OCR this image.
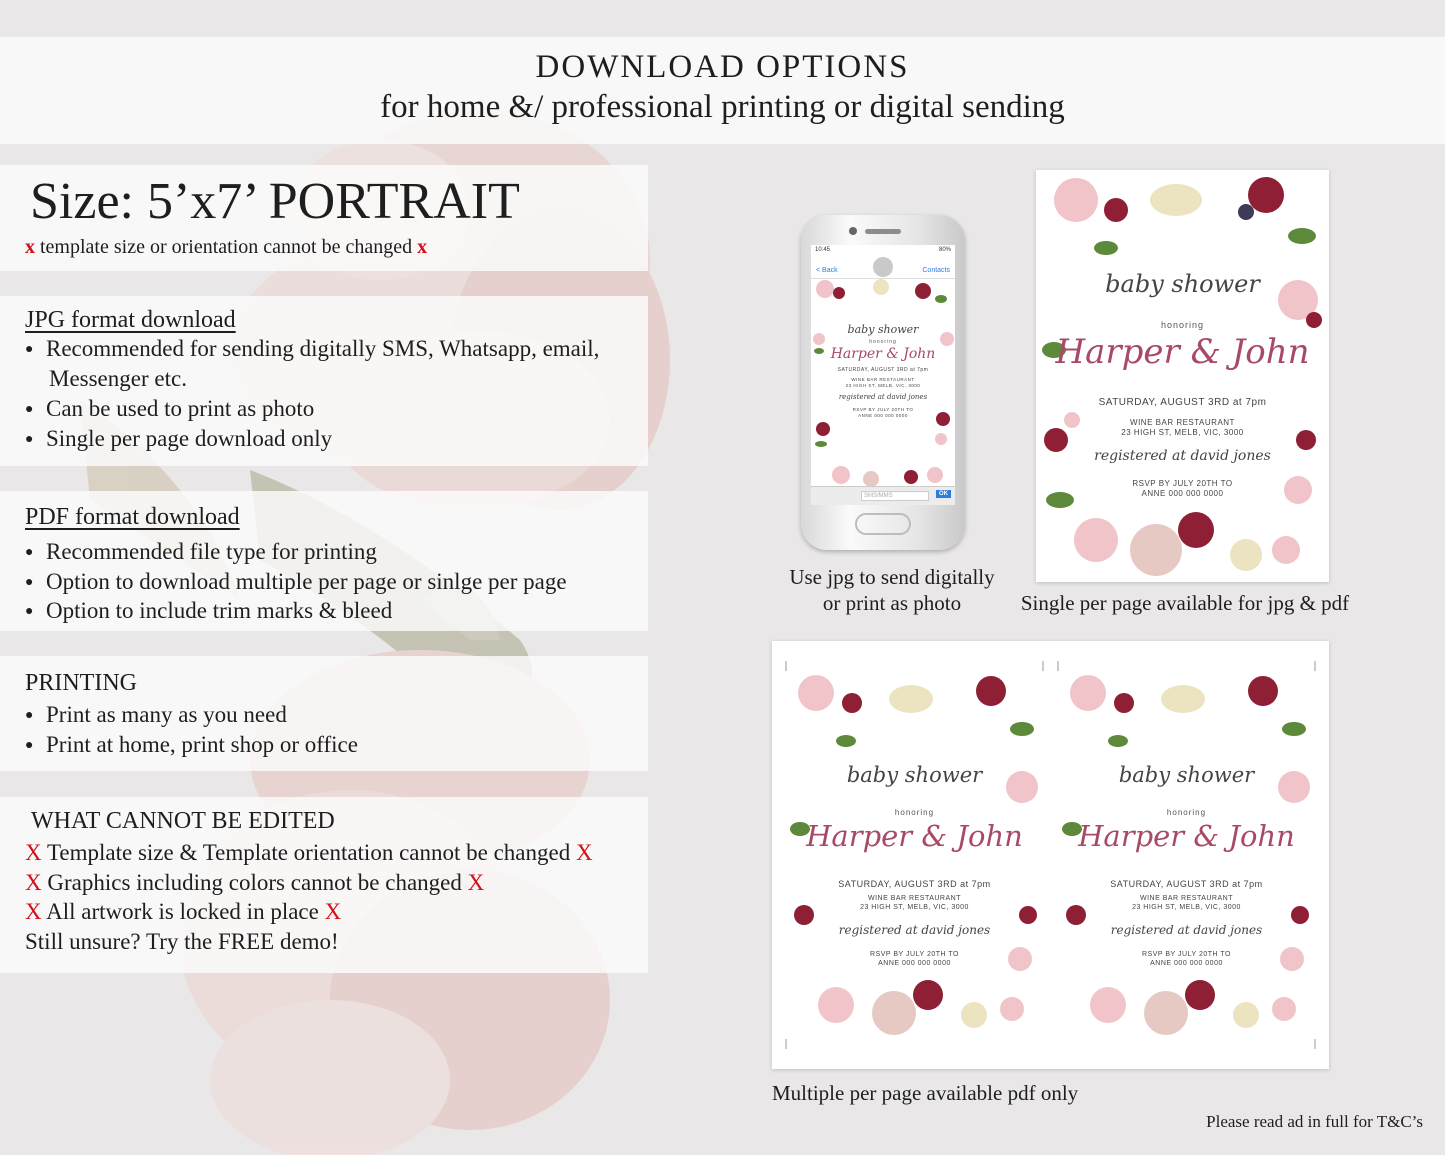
DOWNLOAD OPTIONS
for home &/ professional printing or digital sending
Size: 5’x7’ PORTRAIT
x template size or orientation cannot be changed x
JPG format download
● Recommended for sending digitally SMS, Whatsapp, email,
Messenger etc.
● Can be used to print as photo
● Single per page download only
PDF format download
● Recommended file type for printing
● Option to download multiple per page or sinlge per page
● Option to include trim marks & bleed
PRINTING
● Print as many as you need
● Print at home, print shop or office
WHAT CANNOT BE EDITED
X Template size & Template orientation cannot be changed X
X Graphics including colors cannot be changed X
X All artwork is locked in place X
Still unsure? Try the FREE demo!
10:45	80%
< Back	Contacts
baby shower
honoring
Harper & John
SATURDAY, AUGUST 3RD at 7pm
WINE BAR RESTAURANT
23 HIGH ST, MELB, VIC, 3000
registered at david jones
RSVP BY JULY 20TH TO
ANNE 000 000 0000
SMS/MMS	OK
Use jpg to send digitally
or print as photo
baby shower
honoring
Harper & John
SATURDAY, AUGUST 3RD at 7pm
WINE BAR RESTAURANT
23 HIGH ST, MELB, VIC, 3000
registered at david jones
RSVP BY JULY 20TH TO
ANNE 000 000 0000
Single per page available for jpg & pdf
baby shower
honoring
Harper & John
SATURDAY, AUGUST 3RD at 7pm
WINE BAR RESTAURANT
23 HIGH ST, MELB, VIC, 3000
registered at david jones
RSVP BY JULY 20TH TO
ANNE 000 000 0000
baby shower
honoring
Harper & John
SATURDAY, AUGUST 3RD at 7pm
WINE BAR RESTAURANT
23 HIGH ST, MELB, VIC, 3000
registered at david jones
RSVP BY JULY 20TH TO
ANNE 000 000 0000
Multiple per page available pdf only
Please read ad in full for T&C’s
